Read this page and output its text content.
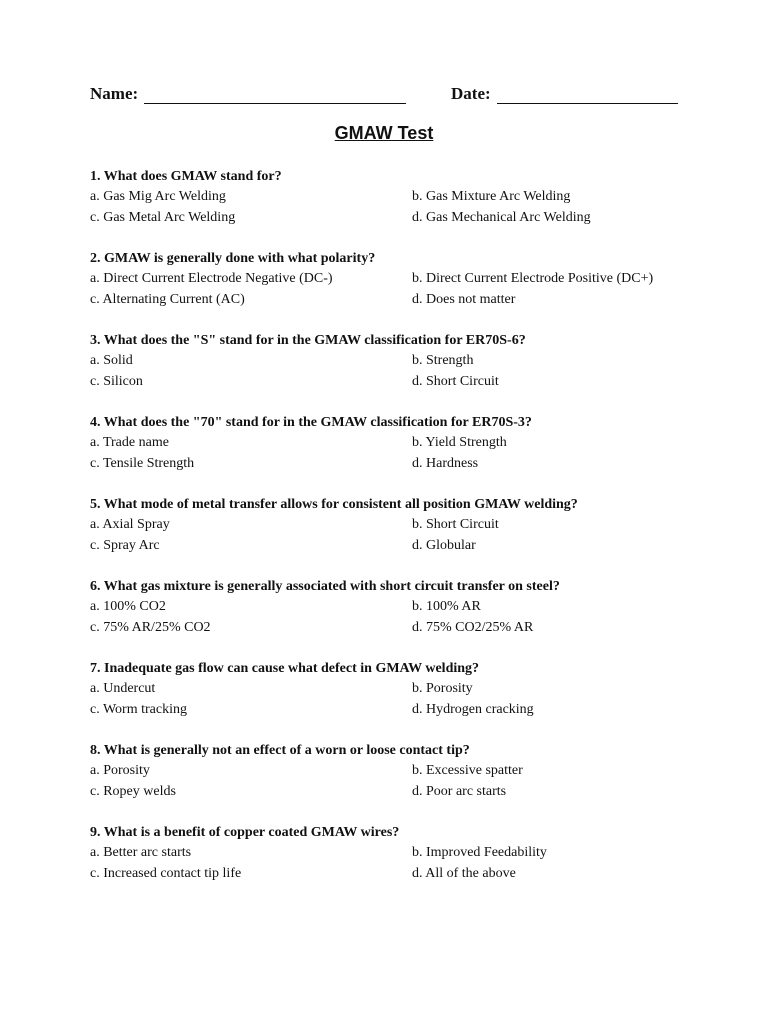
Name:	Date:
GMAW Test
1. What does GMAW stand for?
a. Gas Mig Arc Welding	b. Gas Mixture Arc Welding
c. Gas Metal Arc Welding	d. Gas Mechanical Arc Welding
2. GMAW is generally done with what polarity?
a. Direct Current Electrode Negative (DC-)	b. Direct Current Electrode Positive (DC+)
c. Alternating Current (AC)	d. Does not matter
3. What does the "S" stand for in the GMAW classification for ER70S-6?
a. Solid	b. Strength
c. Silicon	d. Short Circuit
4. What does the "70" stand for in the GMAW classification for ER70S-3?
a. Trade name	b. Yield Strength
c. Tensile Strength	d. Hardness
5. What mode of metal transfer allows for consistent all position GMAW welding?
a. Axial Spray	b. Short Circuit
c. Spray Arc	d. Globular
6. What gas mixture is generally associated with short circuit transfer on steel?
a. 100% CO2	b. 100% AR
c. 75% AR/25% CO2	d. 75% CO2/25% AR
7. Inadequate gas flow can cause what defect in GMAW welding?
a. Undercut	b. Porosity
c. Worm tracking	d. Hydrogen cracking
8. What is generally not an effect of a worn or loose contact tip?
a. Porosity	b. Excessive spatter
c. Ropey welds	d. Poor arc starts
9. What is a benefit of copper coated GMAW wires?
a. Better arc starts	b. Improved Feedability
c. Increased contact tip life	d. All of the above
